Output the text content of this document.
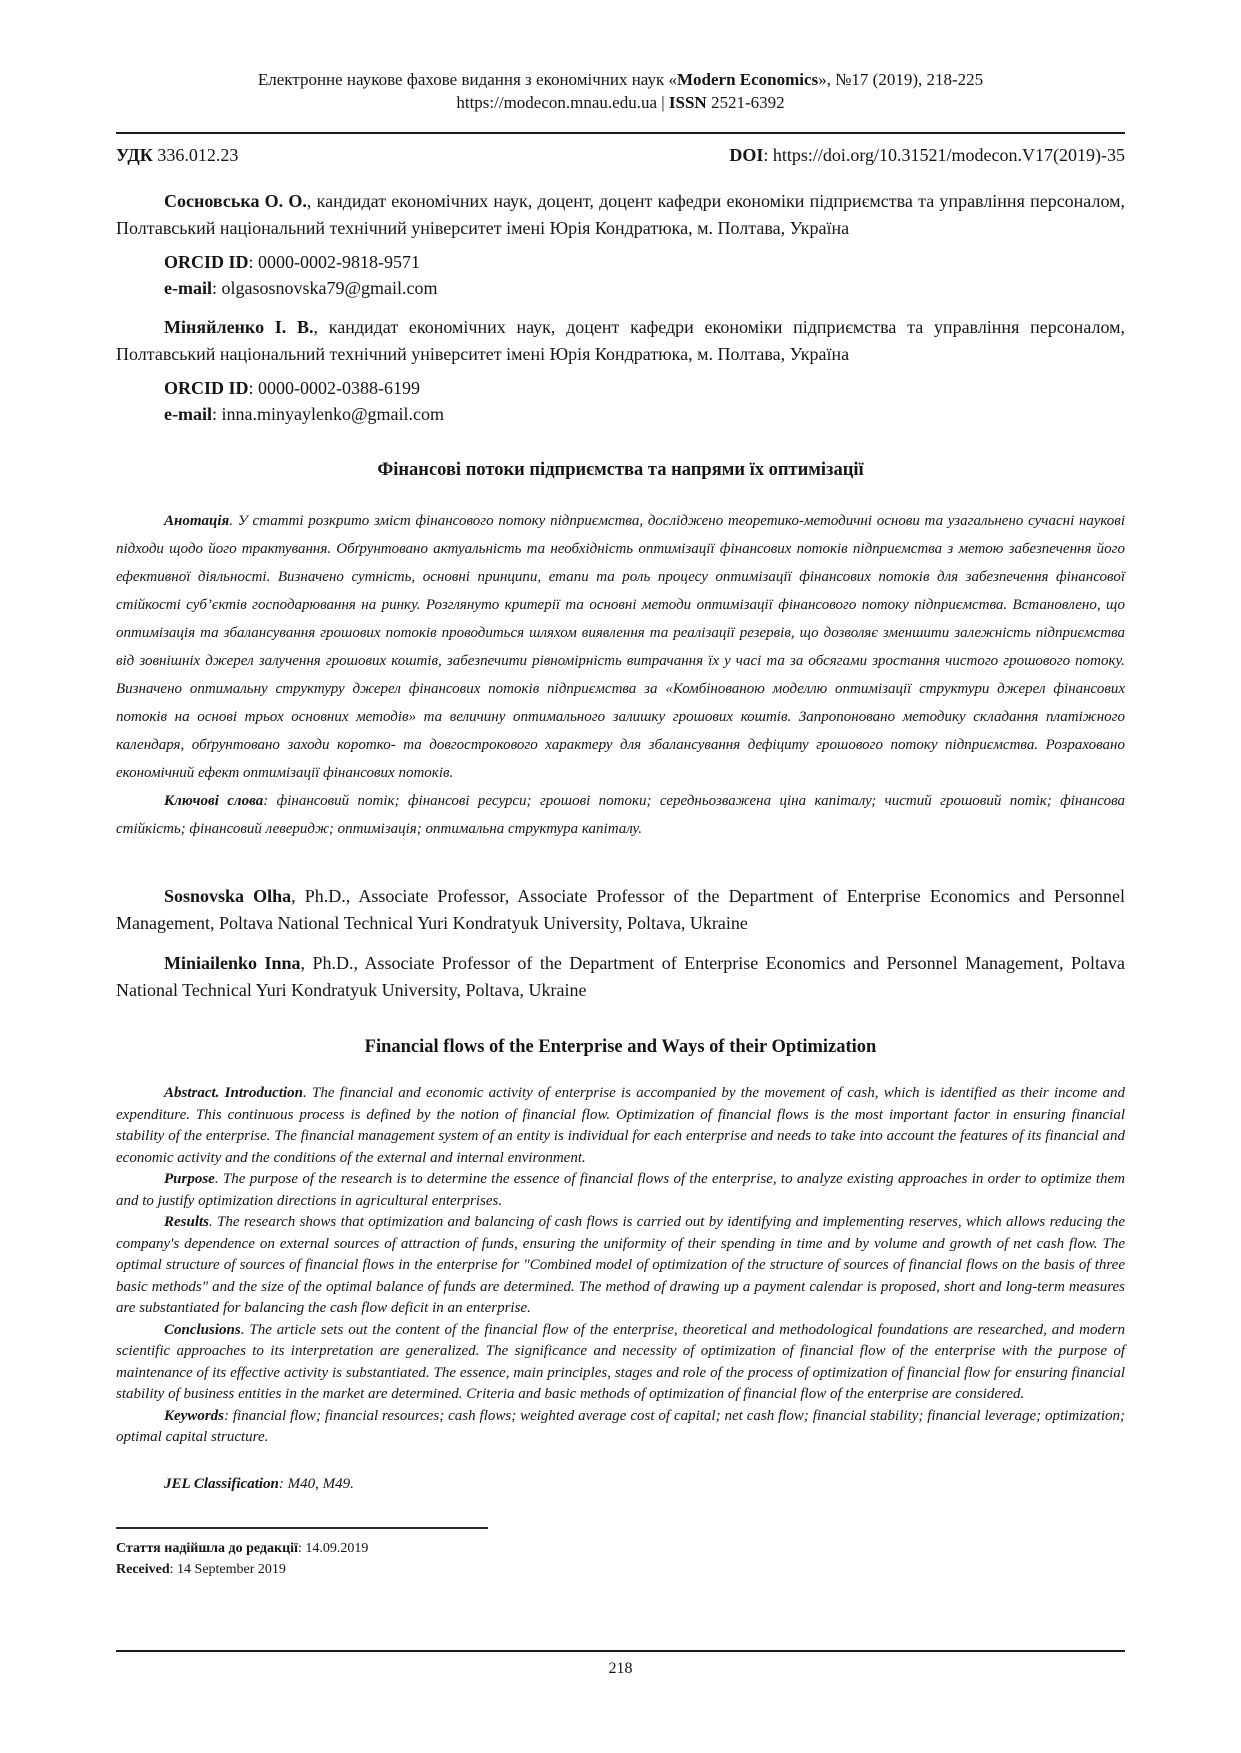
Електронне наукове фахове видання з економічних наук «Modern Economics», №17 (2019), 218-225

https://modecon.mnau.edu.ua | ISSN 2521-6392

УДК 336.012.23	DOI: https://doi.org/10.31521/modecon.V17(2019)-35

Сосновська О. О., кандидат економічних наук, доцент, доцент кафедри економіки підприємства та управління персоналом, Полтавський національний технічний університет імені Юрія Кондратюка, м. Полтава, Україна

ORCID ID: 0000-0002-9818-9571

e-mail: olgasosnovska79@gmail.com

Міняйленко І. В., кандидат економічних наук, доцент кафедри економіки підприємства та управління персоналом, Полтавський національний технічний університет імені Юрія Кондратюка, м. Полтава, Україна

ORCID ID: 0000-0002-0388-6199

e-mail: inna.minyaylenko@gmail.com

Фінансові потоки підприємства та напрями їх оптимізації

Анотація. У статті розкрито зміст фінансового потоку підприємства, досліджено теоретико-методичні основи та узагальнено сучасні наукові підходи щодо його трактування. Обґрунтовано актуальність та необхідність оптимізації фінансових потоків підприємства з метою забезпечення його ефективної діяльності. Визначено сутність, основні принципи, етапи та роль процесу оптимізації фінансових потоків для забезпечення фінансової стійкості суб’єктів господарювання на ринку. Розглянуто критерії та основні методи оптимізації фінансового потоку підприємства. Встановлено, що оптимізація та збалансування грошових потоків проводиться шляхом виявлення та реалізації резервів, що дозволяє зменшити залежність підприємства від зовнішніх джерел залучення грошових коштів, забезпечити рівномірність витрачання їх у часі та за обсягами зростання чистого грошового потоку. Визначено оптимальну структуру джерел фінансових потоків підприємства за «Комбінованою моделлю оптимізації структури джерел фінансових потоків на основі трьох основних методів» та величину оптимального залишку грошових коштів. Запропоновано методику складання платіжного календаря, обґрунтовано заходи коротко- та довгострокового характеру для збалансування дефіциту грошового потоку підприємства. Розраховано економічний ефект оптимізації фінансових потоків.

Ключові слова: фінансовий потік; фінансові ресурси; грошові потоки; середньозважена ціна капіталу; чистий грошовий потік; фінансова стійкість; фінансовий леверидж; оптимізація; оптимальна структура капіталу.

Sosnovska Olha, Ph.D., Associate Professor, Associate Professor of the Department of Enterprise Economics and Personnel Management, Poltava National Technical Yuri Kondratyuk University, Poltava, Ukraine

Miniailenko Inna, Ph.D., Associate Professor of the Department of Enterprise Economics and Personnel Management, Poltava National Technical Yuri Kondratyuk University, Poltava, Ukraine

Financial flows of the Enterprise and Ways of their Optimization

Abstract. Introduction. The financial and economic activity of enterprise is accompanied by the movement of cash, which is identified as their income and expenditure. This continuous process is defined by the notion of financial flow. Optimization of financial flows is the most important factor in ensuring financial stability of the enterprise. The financial management system of an entity is individual for each enterprise and needs to take into account the features of its financial and economic activity and the conditions of the external and internal environment.

Purpose. The purpose of the research is to determine the essence of financial flows of the enterprise, to analyze existing approaches in order to optimize them and to justify optimization directions in agricultural enterprises.

Results. The research shows that optimization and balancing of cash flows is carried out by identifying and implementing reserves, which allows reducing the company's dependence on external sources of attraction of funds, ensuring the uniformity of their spending in time and by volume and growth of net cash flow. The optimal structure of sources of financial flows in the enterprise for "Combined model of optimization of the structure of sources of financial flows on the basis of three basic methods" and the size of the optimal balance of funds are determined. The method of drawing up a payment calendar is proposed, short and long-term measures are substantiated for balancing the cash flow deficit in an enterprise.

Conclusions. The article sets out the content of the financial flow of the enterprise, theoretical and methodological foundations are researched, and modern scientific approaches to its interpretation are generalized. The significance and necessity of optimization of financial flow of the enterprise with the purpose of maintenance of its effective activity is substantiated. The essence, main principles, stages and role of the process of optimization of financial flow for ensuring financial stability of business entities in the market are determined. Criteria and basic methods of optimization of financial flow of the enterprise are considered.

Keywords: financial flow; financial resources; cash flows; weighted average cost of capital; net cash flow; financial stability; financial leverage; optimization; optimal capital structure.

JEL Classification: M40, M49.

Стаття надійшла до редакції: 14.09.2019

Received: 14 September 2019

218
